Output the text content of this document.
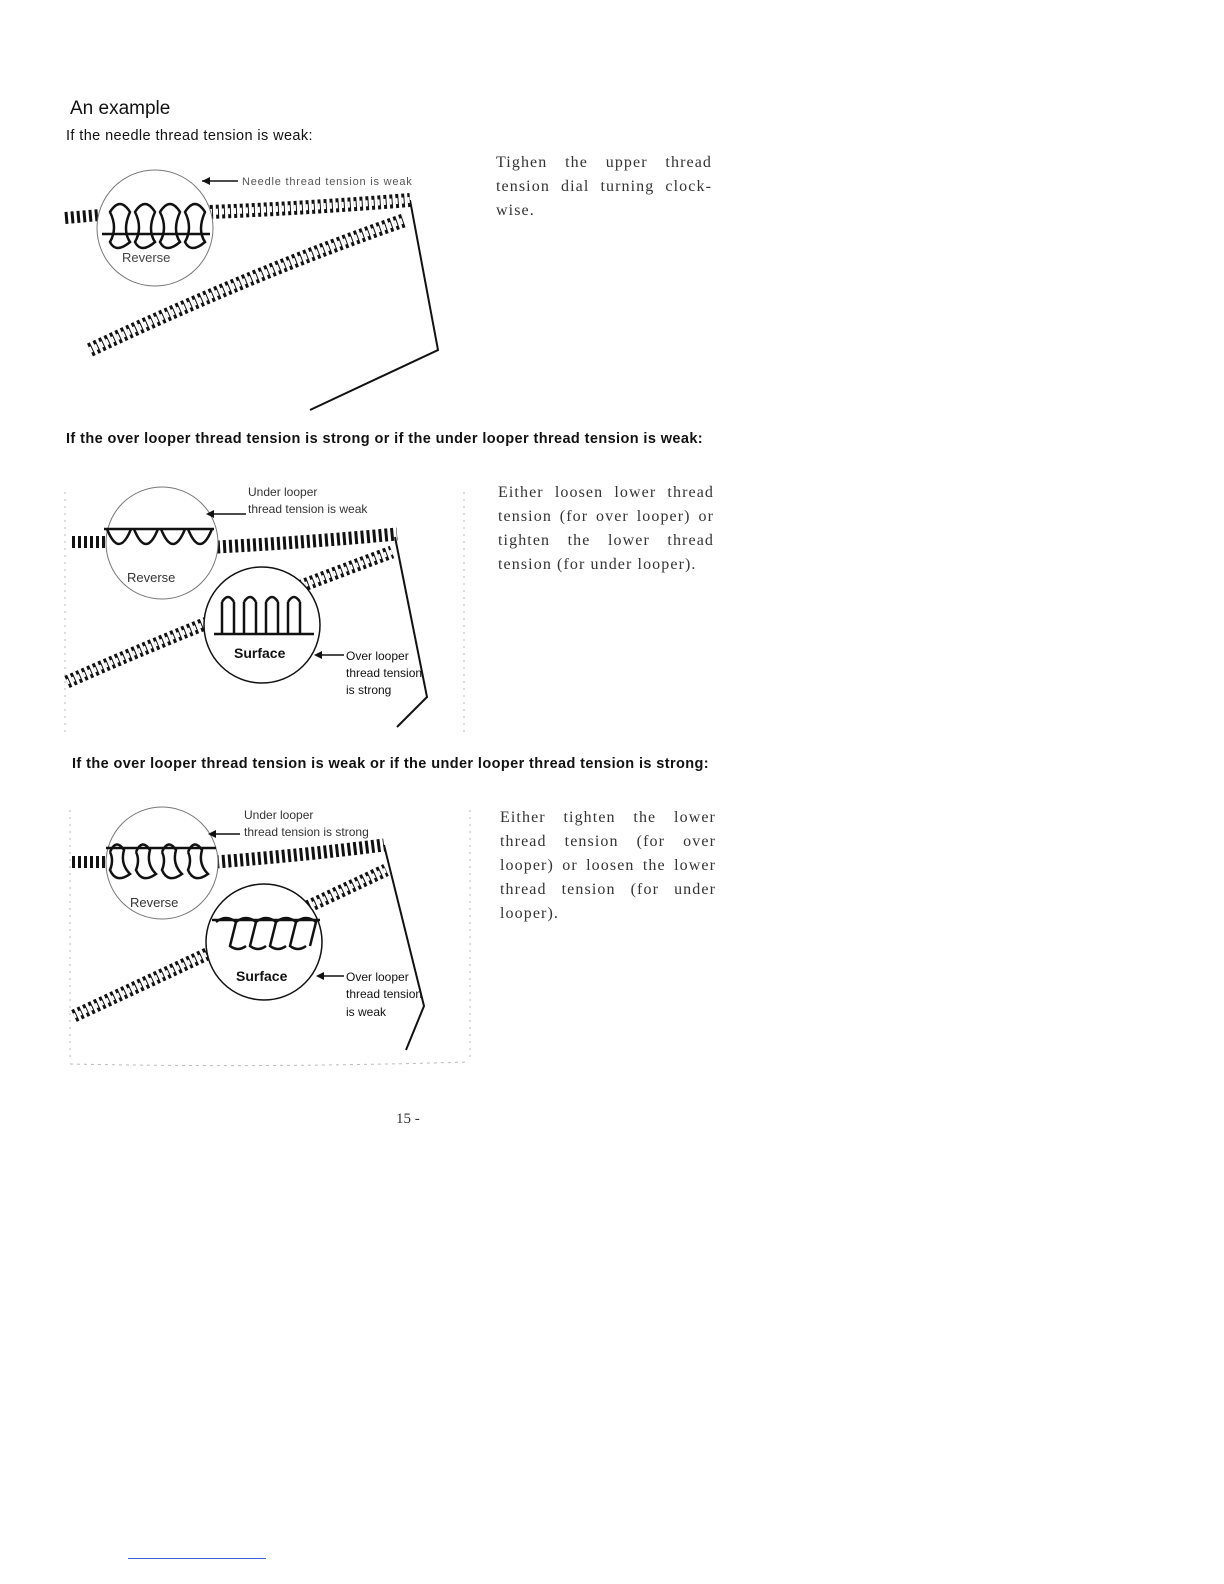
An example
If the needle thread tension is weak:
Reverse
Needle thread tension is weak
Tighen the upper thread tension dial turning clock-wise.
If the over looper thread tension is strong or if the under looper thread tension is weak:
Reverse
Surface
Under looper
thread tension is weak
Over looper
thread tension
is strong
Either loosen lower thread tension (for over looper) or tighten the lower thread tension (for under looper).
If the over looper thread tension is weak or if the under looper thread tension is strong:
Reverse
Surface
Under looper
thread tension is strong
Over looper
thread tension
is weak
Either tighten the lower thread tension (for over looper) or loosen the lower thread tension (for under looper).
15 -
